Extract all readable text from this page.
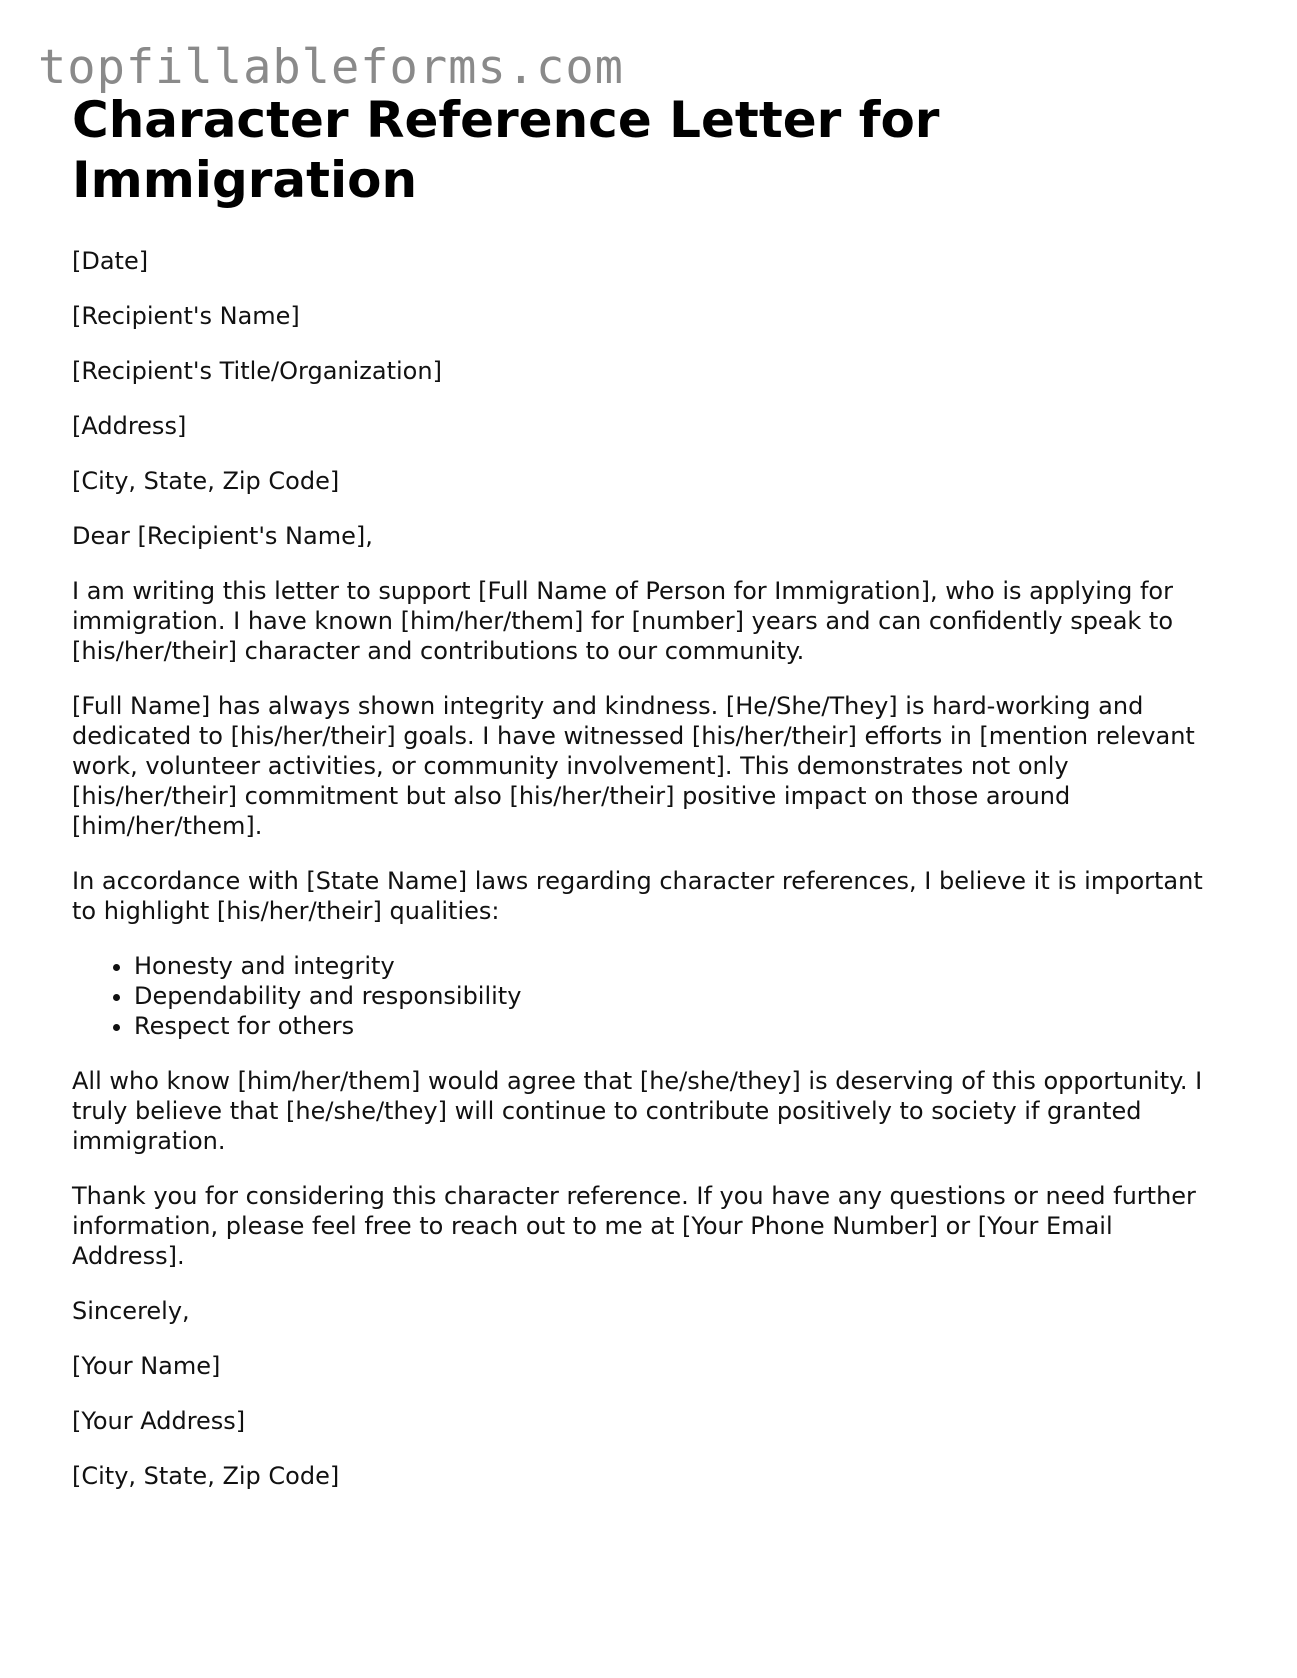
topfillableforms.com
Character Reference Letter for Immigration

[Date]

[Recipient's Name]

[Recipient's Title/Organization]

[Address]

[City, State, Zip Code]

Dear [Recipient's Name],

I am writing this letter to support [Full Name of Person for Immigration], who is applying for immigration. I have known [him/her/them] for [number] years and can confidently speak to [his/her/their] character and contributions to our community.

[Full Name] has always shown integrity and kindness. [He/She/They] is hard-working and dedicated to [his/her/their] goals. I have witnessed [his/her/their] efforts in [mention relevant work, volunteer activities, or community involvement]. This demonstrates not only [his/her/their] commitment but also [his/her/their] positive impact on those around [him/her/them].

In accordance with [State Name] laws regarding character references, I believe it is important to highlight [his/her/their] qualities:

• Honesty and integrity
• Dependability and responsibility
• Respect for others

All who know [him/her/them] would agree that [he/she/they] is deserving of this opportunity. I truly believe that [he/she/they] will continue to contribute positively to society if granted immigration.

Thank you for considering this character reference. If you have any questions or need further information, please feel free to reach out to me at [Your Phone Number] or [Your Email Address].

Sincerely,

[Your Name]

[Your Address]

[City, State, Zip Code]
